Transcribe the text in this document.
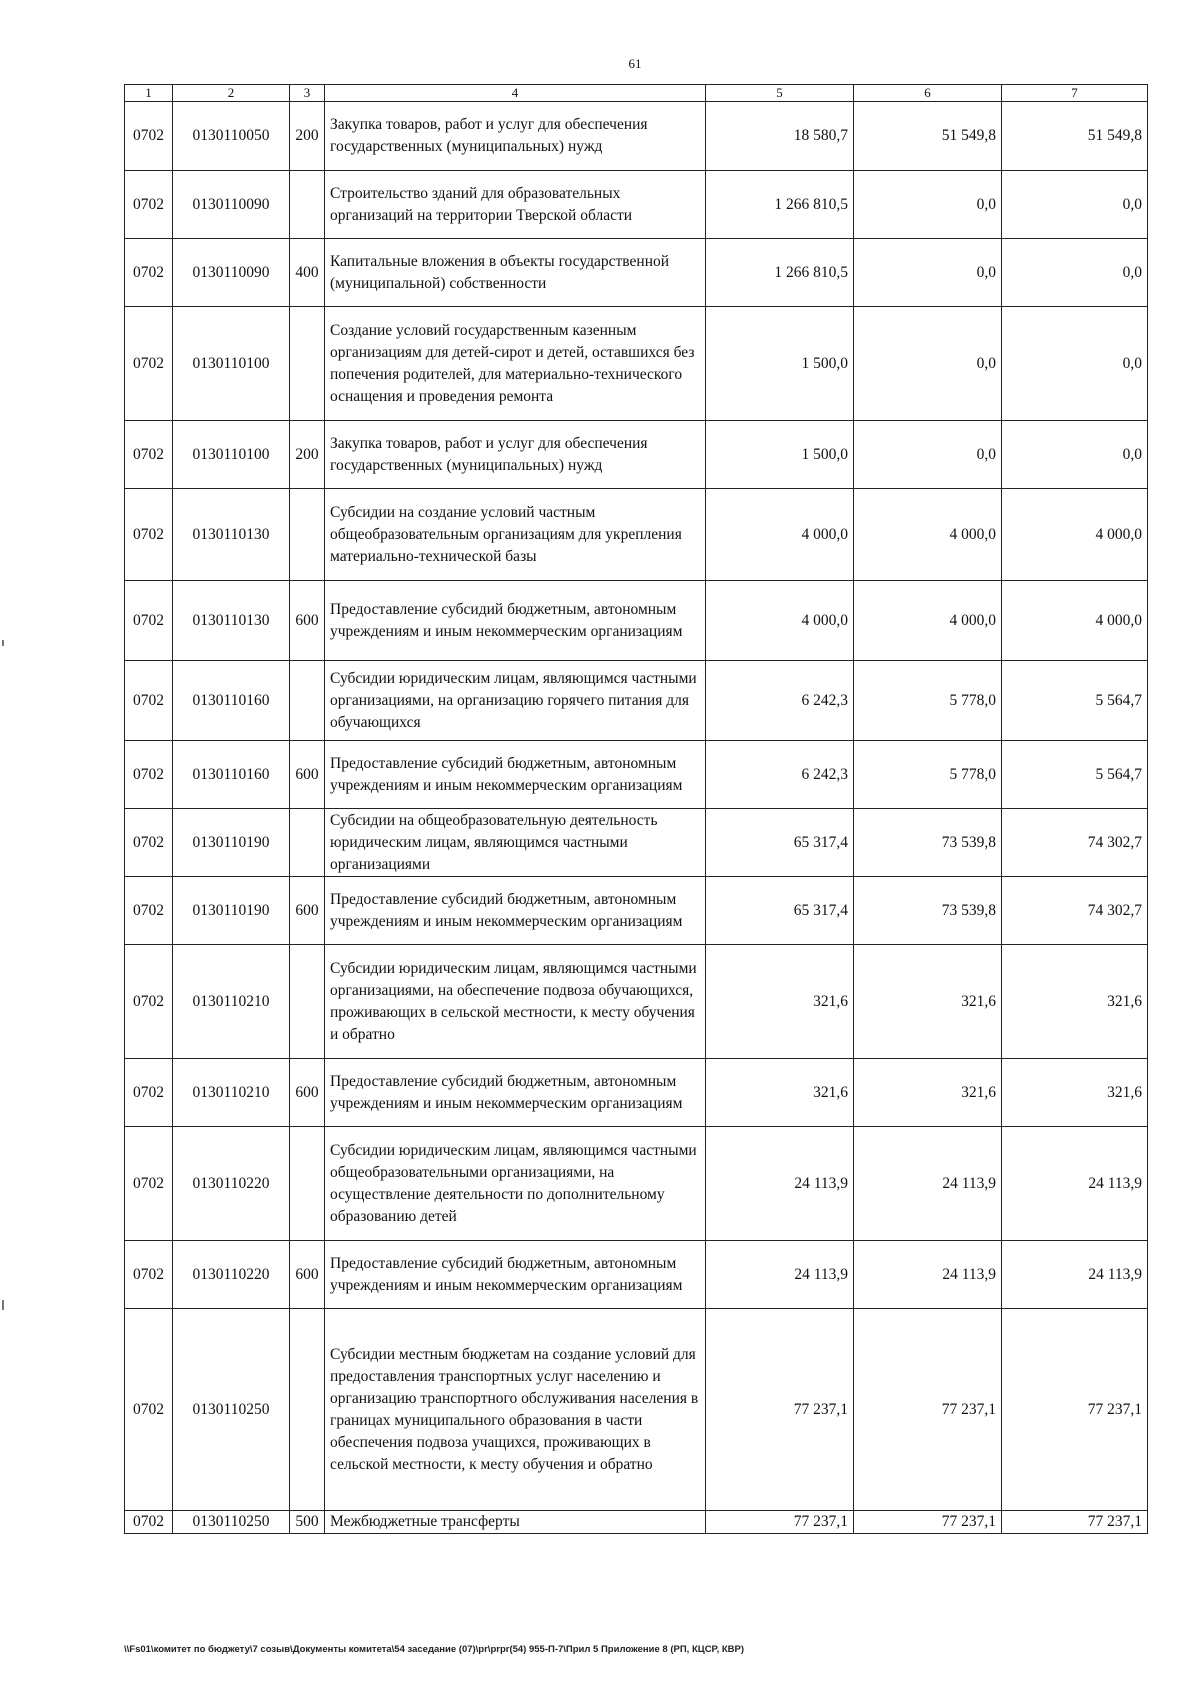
61
1	2	3	4	5	6	7
0702	0130110050	200	Закупка товаров, работ и услуг для обеспечения государственных (муниципальных) нужд	18 580,7	51 549,8	51 549,8
0702	0130110090		Строительство зданий для образовательных организаций на территории Тверской области	1 266 810,5	0,0	0,0
0702	0130110090	400	Капитальные вложения в объекты государственной (муниципальной) собственности	1 266 810,5	0,0	0,0
0702	0130110100		Создание условий государственным казенным организациям для детей-сирот и детей, оставшихся без попечения родителей, для материально-технического оснащения и проведения ремонта	1 500,0	0,0	0,0
0702	0130110100	200	Закупка товаров, работ и услуг для обеспечения государственных (муниципальных) нужд	1 500,0	0,0	0,0
0702	0130110130		Субсидии на создание условий частным общеобразовательным организациям для укрепления материально-технической базы	4 000,0	4 000,0	4 000,0
0702	0130110130	600	Предоставление субсидий бюджетным, автономным учреждениям и иным некоммерческим организациям	4 000,0	4 000,0	4 000,0
0702	0130110160		Субсидии юридическим лицам, являющимся частными организациями, на организацию горячего питания для обучающихся	6 242,3	5 778,0	5 564,7
0702	0130110160	600	Предоставление субсидий бюджетным, автономным учреждениям и иным некоммерческим организациям	6 242,3	5 778,0	5 564,7
0702	0130110190		Субсидии на общеобразовательную деятельность юридическим лицам, являющимся частными организациями	65 317,4	73 539,8	74 302,7
0702	0130110190	600	Предоставление субсидий бюджетным, автономным учреждениям и иным некоммерческим организациям	65 317,4	73 539,8	74 302,7
0702	0130110210		Субсидии юридическим лицам, являющимся частными организациями, на обеспечение подвоза обучающихся, проживающих в сельской местности, к месту обучения и обратно	321,6	321,6	321,6
0702	0130110210	600	Предоставление субсидий бюджетным, автономным учреждениям и иным некоммерческим организациям	321,6	321,6	321,6
0702	0130110220		Субсидии юридическим лицам, являющимся частными общеобразовательными организациями, на осуществление деятельности по дополнительному образованию детей	24 113,9	24 113,9	24 113,9
0702	0130110220	600	Предоставление субсидий бюджетным, автономным учреждениям и иным некоммерческим организациям	24 113,9	24 113,9	24 113,9
0702	0130110250		Субсидии местным бюджетам на создание условий для предоставления транспортных услуг населению и организацию транспортного обслуживания населения в границах муниципального образования в части обеспечения подвоза учащихся, проживающих в сельской местности, к месту обучения и обратно	77 237,1	77 237,1	77 237,1
0702	0130110250	500	Межбюджетные трансферты	77 237,1	77 237,1	77 237,1
\\Fs01\комитет по бюджету\7 созыв\Документы комитета\54 заседание (07)\pr\prpr(54) 955-П-7\Прил 5 Приложение 8 (РП, КЦСР, КВР)
